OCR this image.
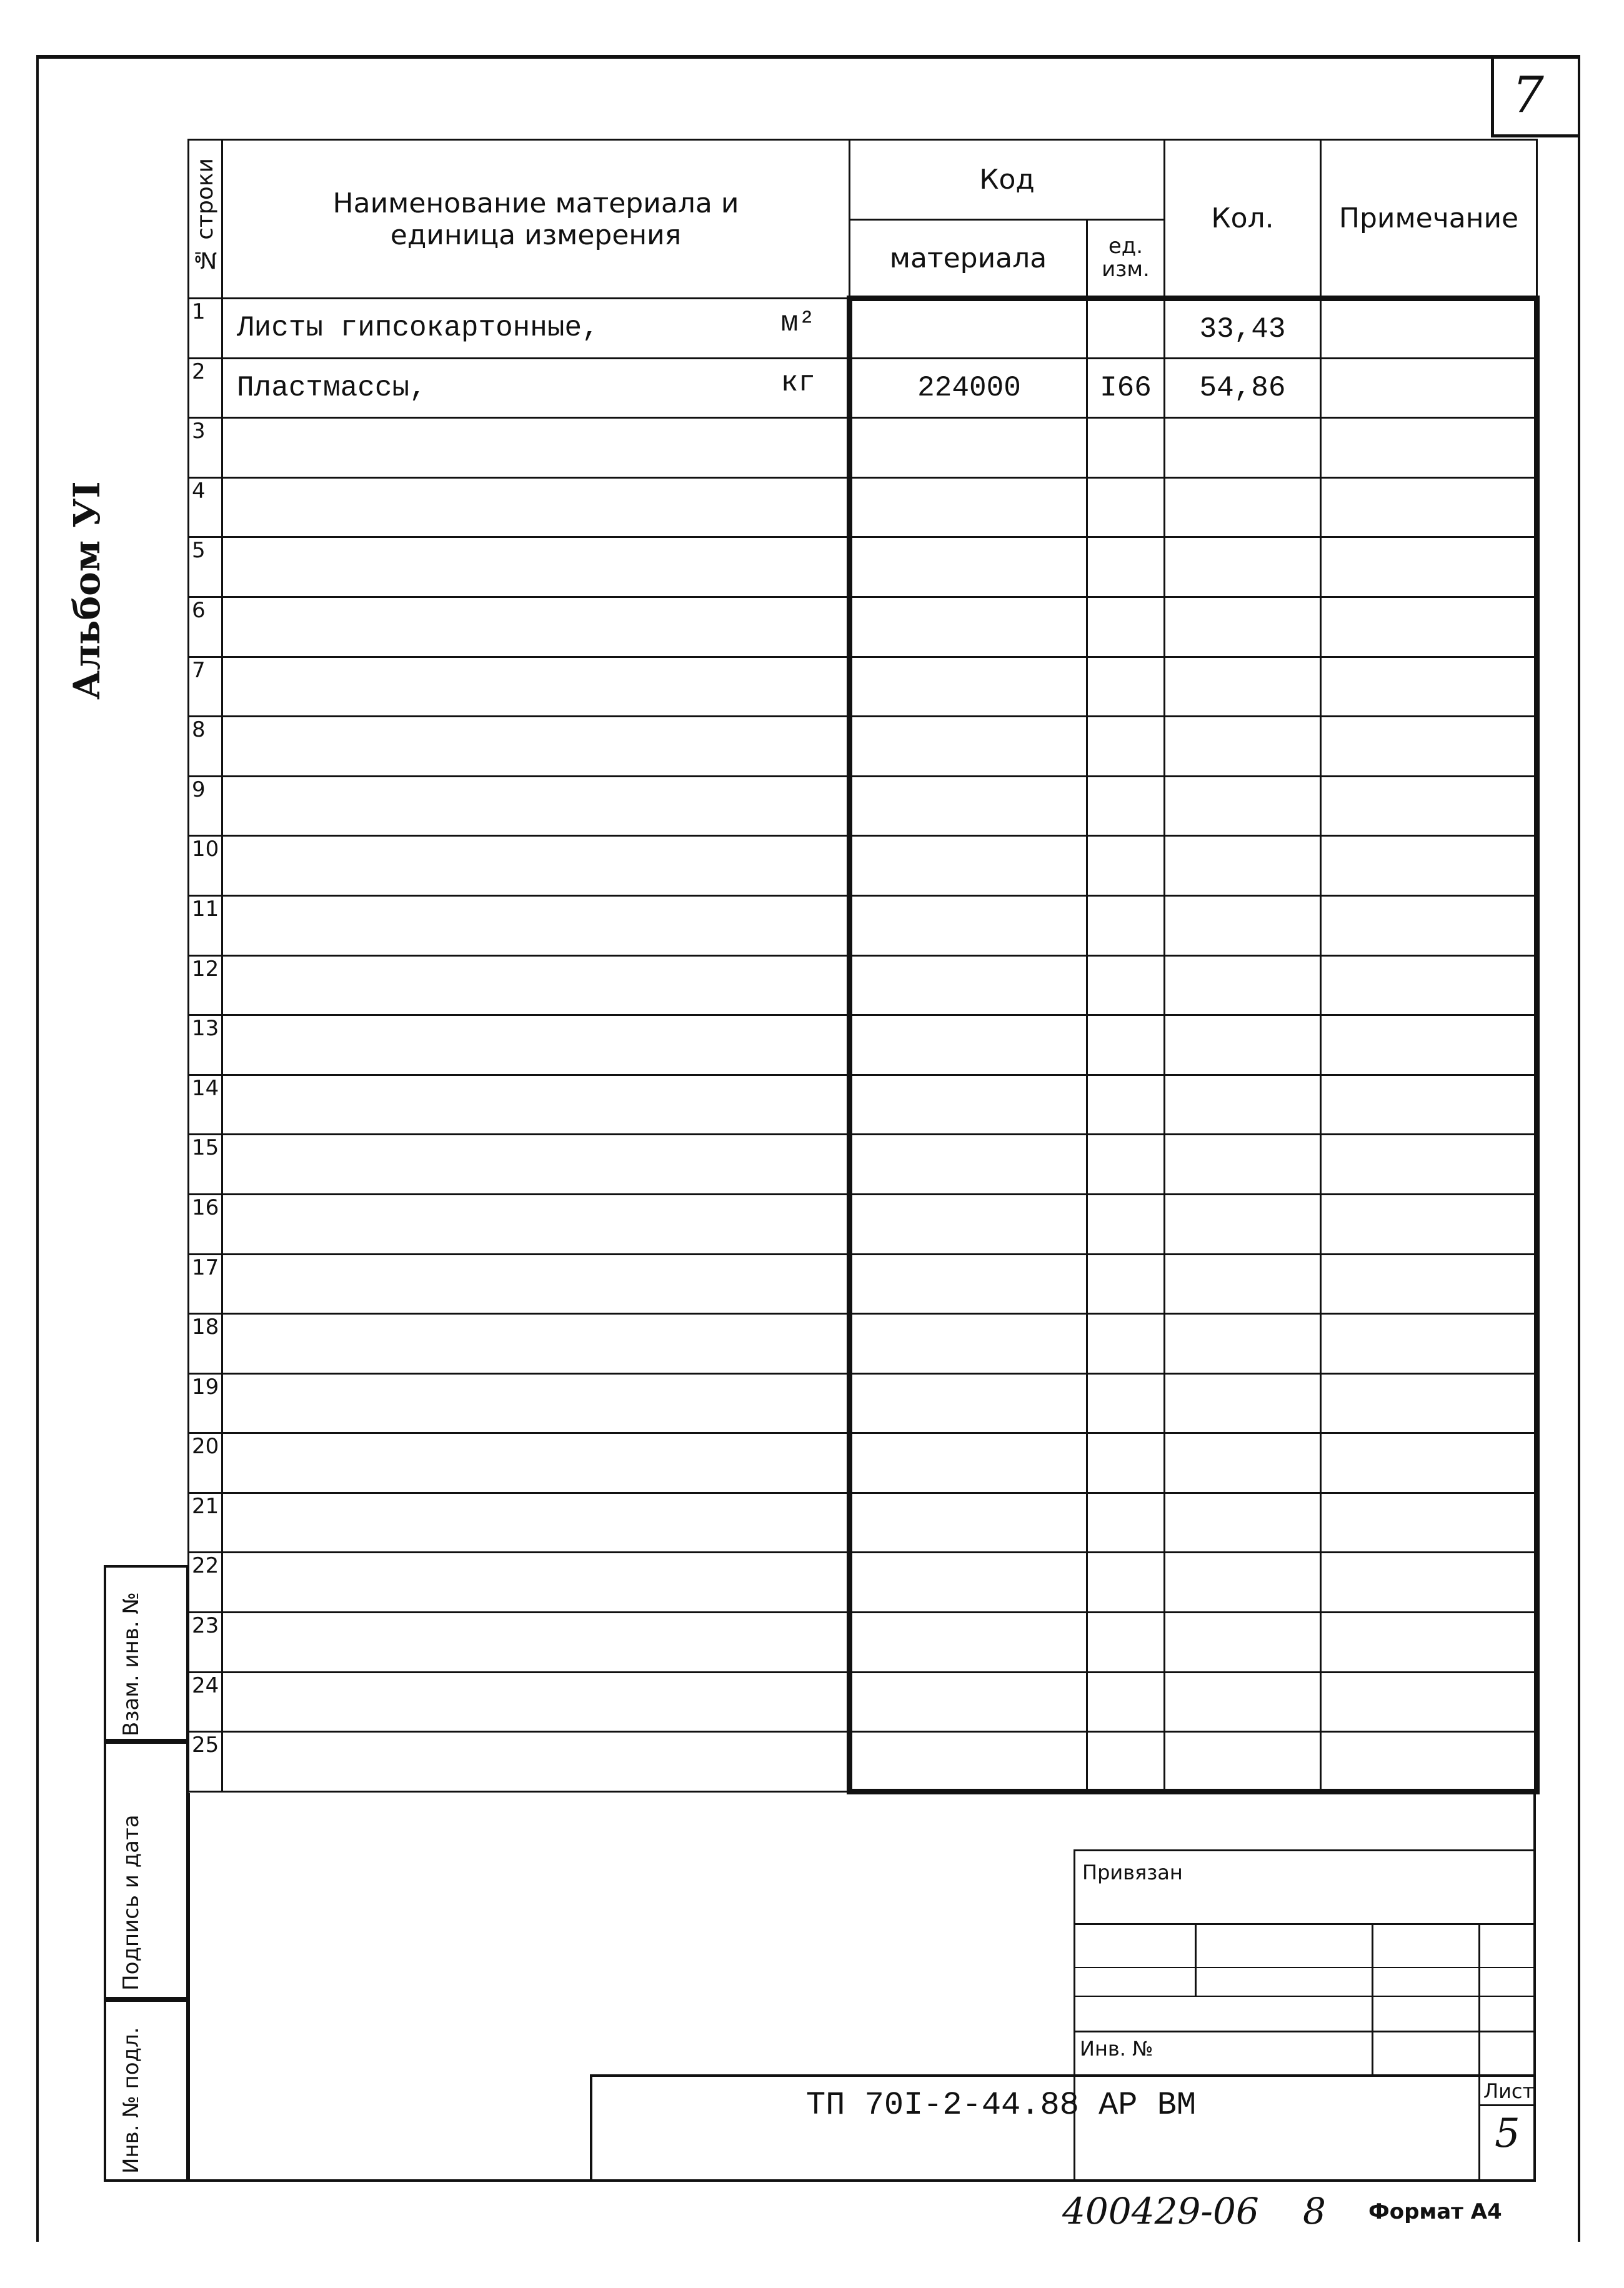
7
Альбом УI
№ строки	Наименование материала и
единица измерения	Код		Кол.	Примечание
		материала	ед.
изм.		

1	Листы гипсокартонные, м²			33,43	
2	Пластмассы, кг	224000	I66	54,86	
3	

4	

5	

6	

7	

8	

9	

10	

11	

12	

13	

14	

15	

16	

17	

18	

19	

20	

21	

22	

23	

24	

25	

Взам. инв. №
Подпись и дата
Инв. № подл.
Привязан
Инв. №
Лист
5
ТП 70I-2-44.88 АР ВМ
400429-06 8 Формат А4
